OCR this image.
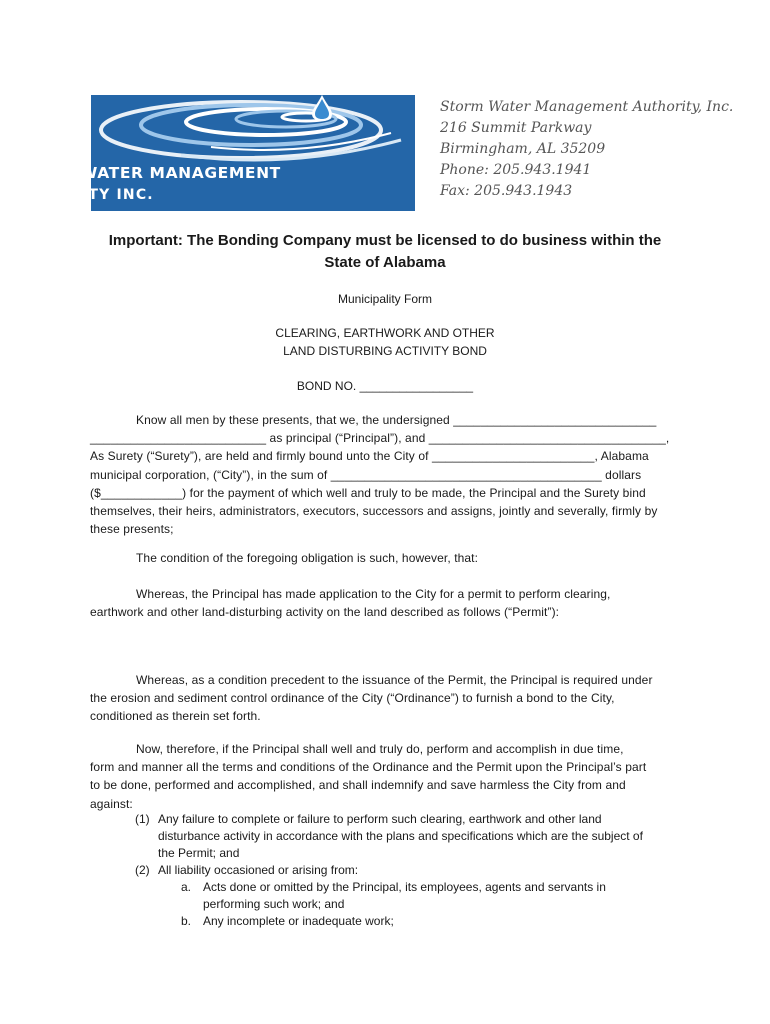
STORM WATER MANAGEMENT
AUTHORITY INC.
Storm Water Management Authority, Inc.
216 Summit Parkway
Birmingham, AL 35209
Phone: 205.943.1941
Fax: 205.943.1943
Important: The Bonding Company must be licensed to do business within the
State of Alabama
Municipality Form
CLEARING, EARTHWORK AND OTHER
LAND DISTURBING ACTIVITY BOND
BOND NO. _________________
Know all men by these presents, that we, the undersigned ______________________________
__________________________ as principal (“Principal”), and ___________________________________,
As Surety (“Surety”), are held and firmly bound unto the City of ________________________, Alabama
municipal corporation, (“City”), in the sum of ________________________________________ dollars
($____________) for the payment of which well and truly to be made, the Principal and the Surety bind
themselves, their heirs, administrators, executors, successors and assigns, jointly and severally, firmly by
these presents;
The condition of the foregoing obligation is such, however, that:
Whereas, the Principal has made application to the City for a permit to perform clearing,
earthwork and other land-disturbing activity on the land described as follows (“Permit”):
Whereas, as a condition precedent to the issuance of the Permit, the Principal is required under
the erosion and sediment control ordinance of the City (“Ordinance”) to furnish a bond to the City,
conditioned as therein set forth.
Now, therefore, if the Principal shall well and truly do, perform and accomplish in due time,
form and manner all the terms and conditions of the Ordinance and the Permit upon the Principal’s part
to be done, performed and accomplished, and shall indemnify and save harmless the City from and
against:
(1) Any failure to complete or failure to perform such clearing, earthwork and other land
disturbance activity in accordance with the plans and specifications which are the subject of
the Permit; and
(2) All liability occasioned or arising from:
a. Acts done or omitted by the Principal, its employees, agents and servants in
performing such work; and
b. Any incomplete or inadequate work;
